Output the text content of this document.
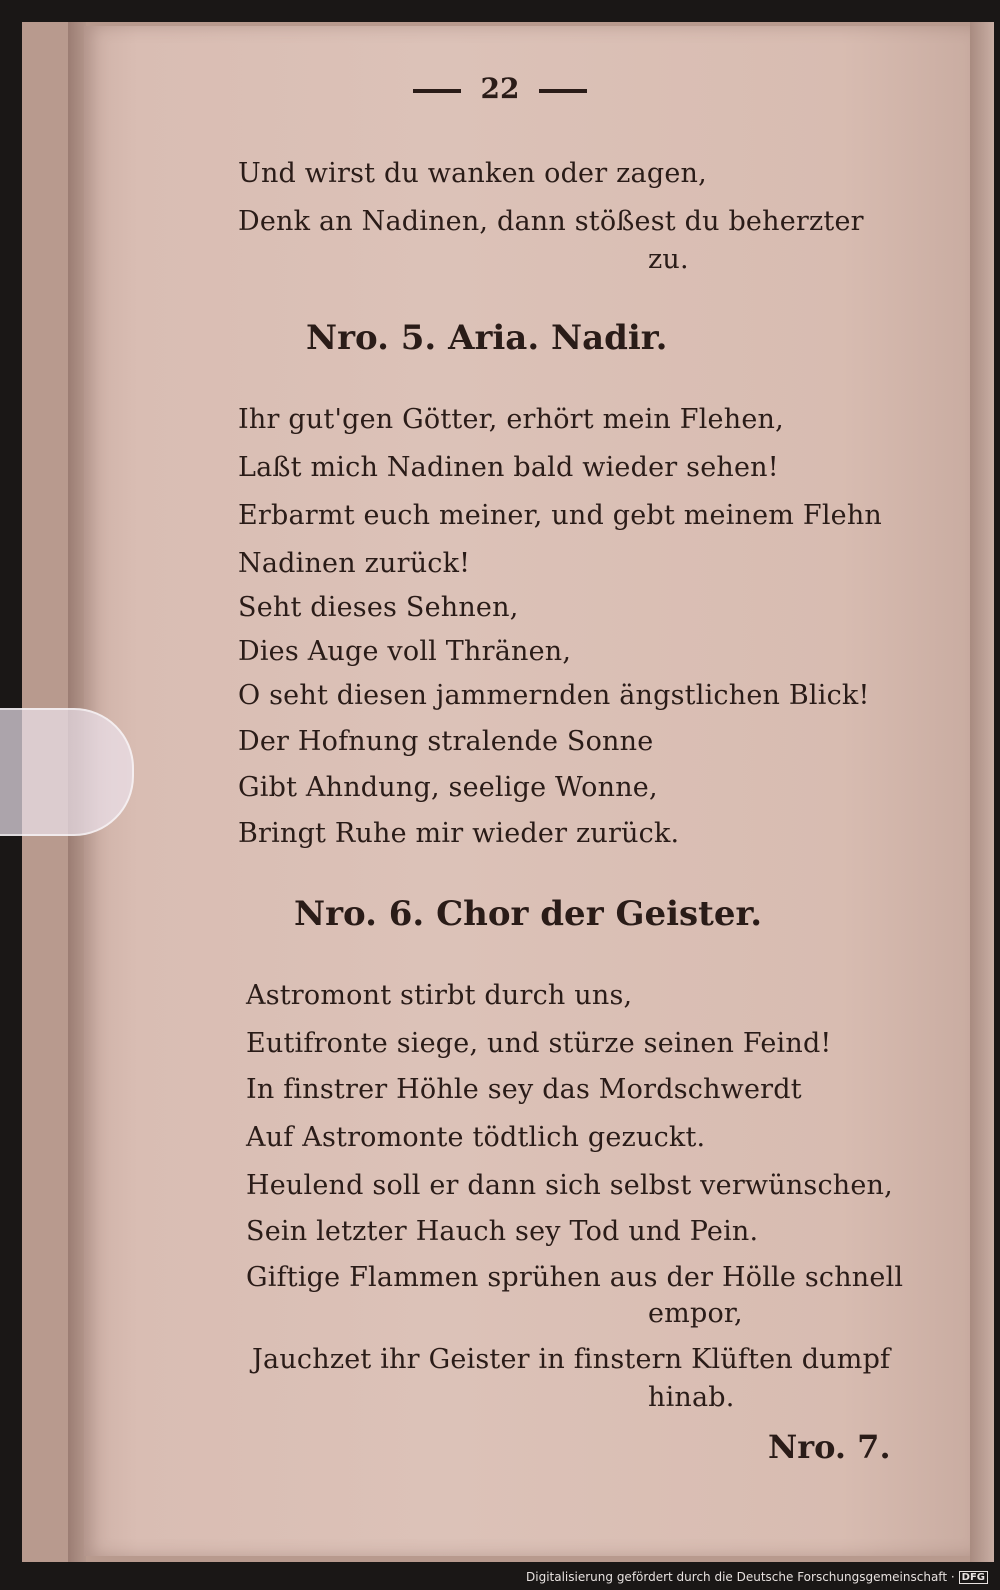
22
Und wirst du wanken oder zagen,
Denk an Nadinen, dann stößest du beherzter
zu.
Nro. 5. Aria. Nadir.
Ihr gut'gen Götter, erhört mein Flehen,
Laßt mich Nadinen bald wieder sehen!
Erbarmt euch meiner, und gebt meinem Flehn
Nadinen zurück!
Seht dieses Sehnen,
Dies Auge voll Thränen,
O seht diesen jammernden ängstlichen Blick!
Der Hofnung stralende Sonne
Gibt Ahndung, seelige Wonne,
Bringt Ruhe mir wieder zurück.
Nro. 6. Chor der Geister.
Astromont stirbt durch uns,
Eutifronte siege, und stürze seinen Feind!
In finstrer Höhle sey das Mordschwerdt
Auf Astromonte tödtlich gezuckt.
Heulend soll er dann sich selbst verwünschen,
Sein letzter Hauch sey Tod und Pein.
Giftige Flammen sprühen aus der Hölle schnell
empor,
Jauchzet ihr Geister in finstern Klüften dumpf
hinab.
Nro. 7.
Digitalisierung gefördert durch die Deutsche Forschungsgemeinschaft · DFG
